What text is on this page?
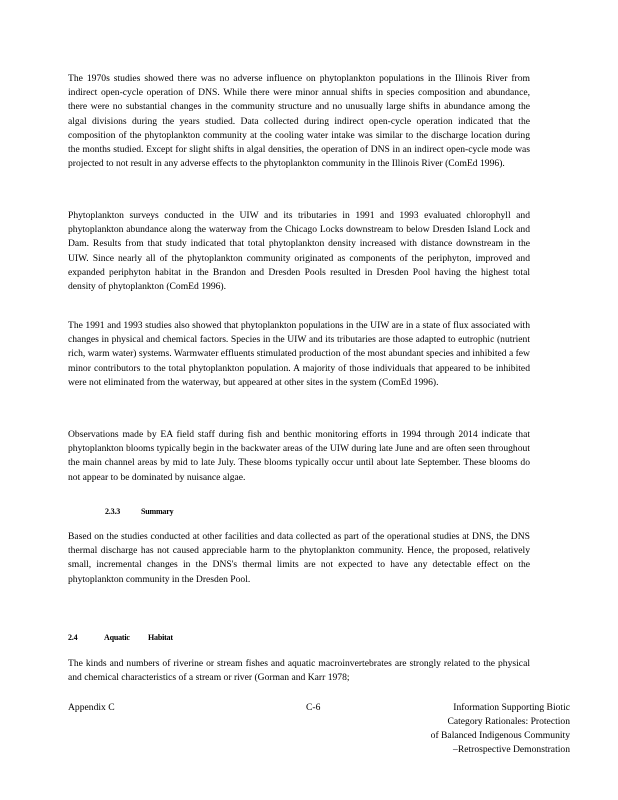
The 1970s studies showed there was no adverse influence on phytoplankton populations in the Illinois River from indirect open-cycle operation of DNS. While there were minor annual shifts in species composition and abundance, there were no substantial changes in the community structure and no unusually large shifts in abundance among the algal divisions during the years studied. Data collected during indirect open-cycle operation indicated that the composition of the phytoplankton community at the cooling water intake was similar to the discharge location during the months studied. Except for slight shifts in algal densities, the operation of DNS in an indirect open-cycle mode was projected to not result in any adverse effects to the phytoplankton community in the Illinois River (ComEd 1996).

Phytoplankton surveys conducted in the UIW and its tributaries in 1991 and 1993 evaluated chlorophyll and phytoplankton abundance along the waterway from the Chicago Locks downstream to below Dresden Island Lock and Dam. Results from that study indicated that total phytoplankton density increased with distance downstream in the UIW. Since nearly all of the phytoplankton community originated as components of the periphyton, improved and expanded periphyton habitat in the Brandon and Dresden Pools resulted in Dresden Pool having the highest total density of phytoplankton (ComEd 1996).

The 1991 and 1993 studies also showed that phytoplankton populations in the UIW are in a state of flux associated with changes in physical and chemical factors. Species in the UIW and its tributaries are those adapted to eutrophic (nutrient rich, warm water) systems. Warmwater effluents stimulated production of the most abundant species and inhibited a few minor contributors to the total phytoplankton population. A majority of those individuals that appeared to be inhibited were not eliminated from the waterway, but appeared at other sites in the system (ComEd 1996).

Observations made by EA field staff during fish and benthic monitoring efforts in 1994 through 2014 indicate that phytoplankton blooms typically begin in the backwater areas of the UIW during late June and are often seen throughout the main channel areas by mid to late July. These blooms typically occur until about late September. These blooms do not appear to be dominated by nuisance algae.

2.3.3	Summary

Based on the studies conducted at other facilities and data collected as part of the operational studies at DNS, the DNS thermal discharge has not caused appreciable harm to the phytoplankton community. Hence, the proposed, relatively small, incremental changes in the DNS's thermal limits are not expected to have any detectable effect on the phytoplankton community in the Dresden Pool.

2.4	Aquatic Habitat

The kinds and numbers of riverine or stream fishes and aquatic macroinvertebrates are strongly related to the physical and chemical characteristics of a stream or river (Gorman and Karr 1978;

Appendix C	C-6	Information Supporting Biotic
Category Rationales: Protection
of Balanced Indigenous Community
–Retrospective Demonstration
